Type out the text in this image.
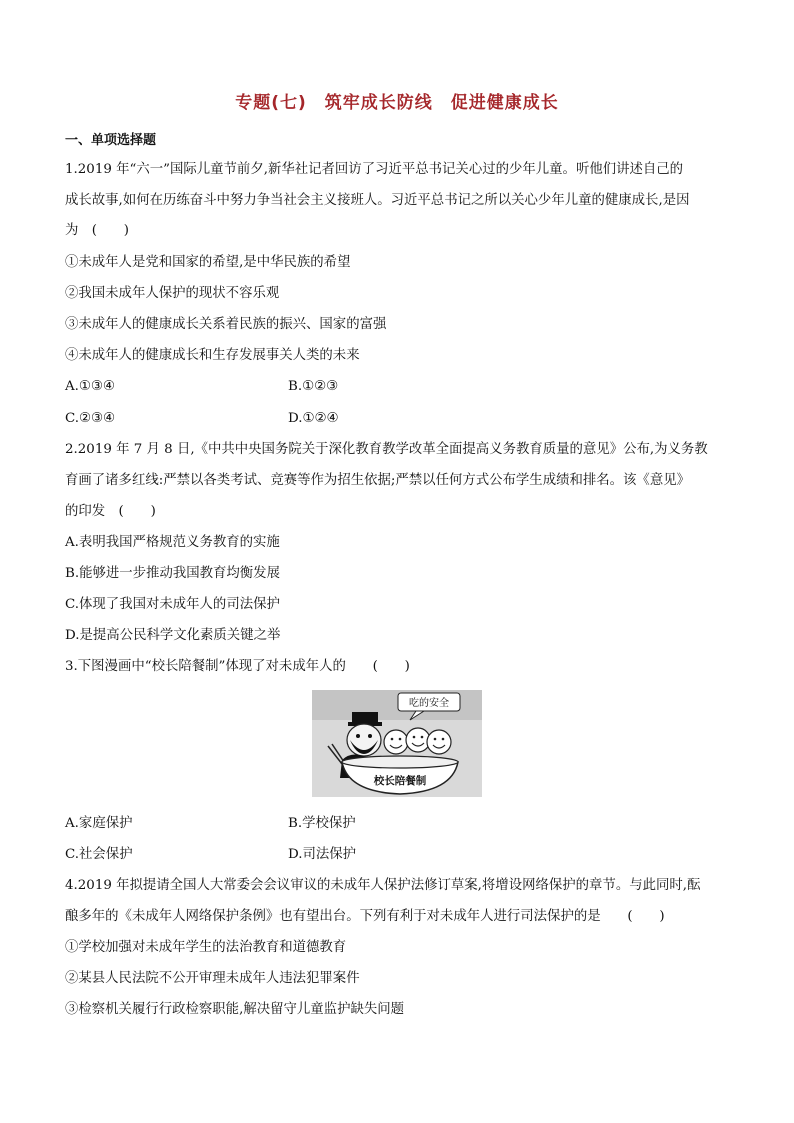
专题(七)　筑牢成长防线　促进健康成长
一、单项选择题
1.2019 年“六一”国际儿童节前夕,新华社记者回访了习近平总书记关心过的少年儿童。听他们讲述自己的
成长故事,如何在历练奋斗中努力争当社会主义接班人。习近平总书记之所以关心少年儿童的健康成长,是因
为　(　　)
①未成年人是党和国家的希望,是中华民族的希望
②我国未成年人保护的现状不容乐观
③未成年人的健康成长关系着民族的振兴、国家的富强
④未成年人的健康成长和生存发展事关人类的未来
A.①③④	B.①②③
C.②③④	D.①②④
2.2019 年 7 月 8 日,《中共中央国务院关于深化教育教学改革全面提高义务教育质量的意见》公布,为义务教
育画了诸多红线:严禁以各类考试、竞赛等作为招生依据;严禁以任何方式公布学生成绩和排名。该《意见》
的印发　(　　)
A.表明我国严格规范义务教育的实施
B.能够进一步推动我国教育均衡发展
C.体现了我国对未成年人的司法保护
D.是提高公民科学文化素质关键之举
3.下图漫画中“校长陪餐制”体现了对未成年人的　　(　　)
吃的安全
校长陪餐制
A.家庭保护	B.学校保护
C.社会保护	D.司法保护
4.2019 年拟提请全国人大常委会会议审议的未成年人保护法修订草案,将增设网络保护的章节。与此同时,酝
酿多年的《未成年人网络保护条例》也有望出台。下列有利于对未成年人进行司法保护的是　　(　　)
①学校加强对未成年学生的法治教育和道德教育
②某县人民法院不公开审理未成年人违法犯罪案件
③检察机关履行行政检察职能,解决留守儿童监护缺失问题
